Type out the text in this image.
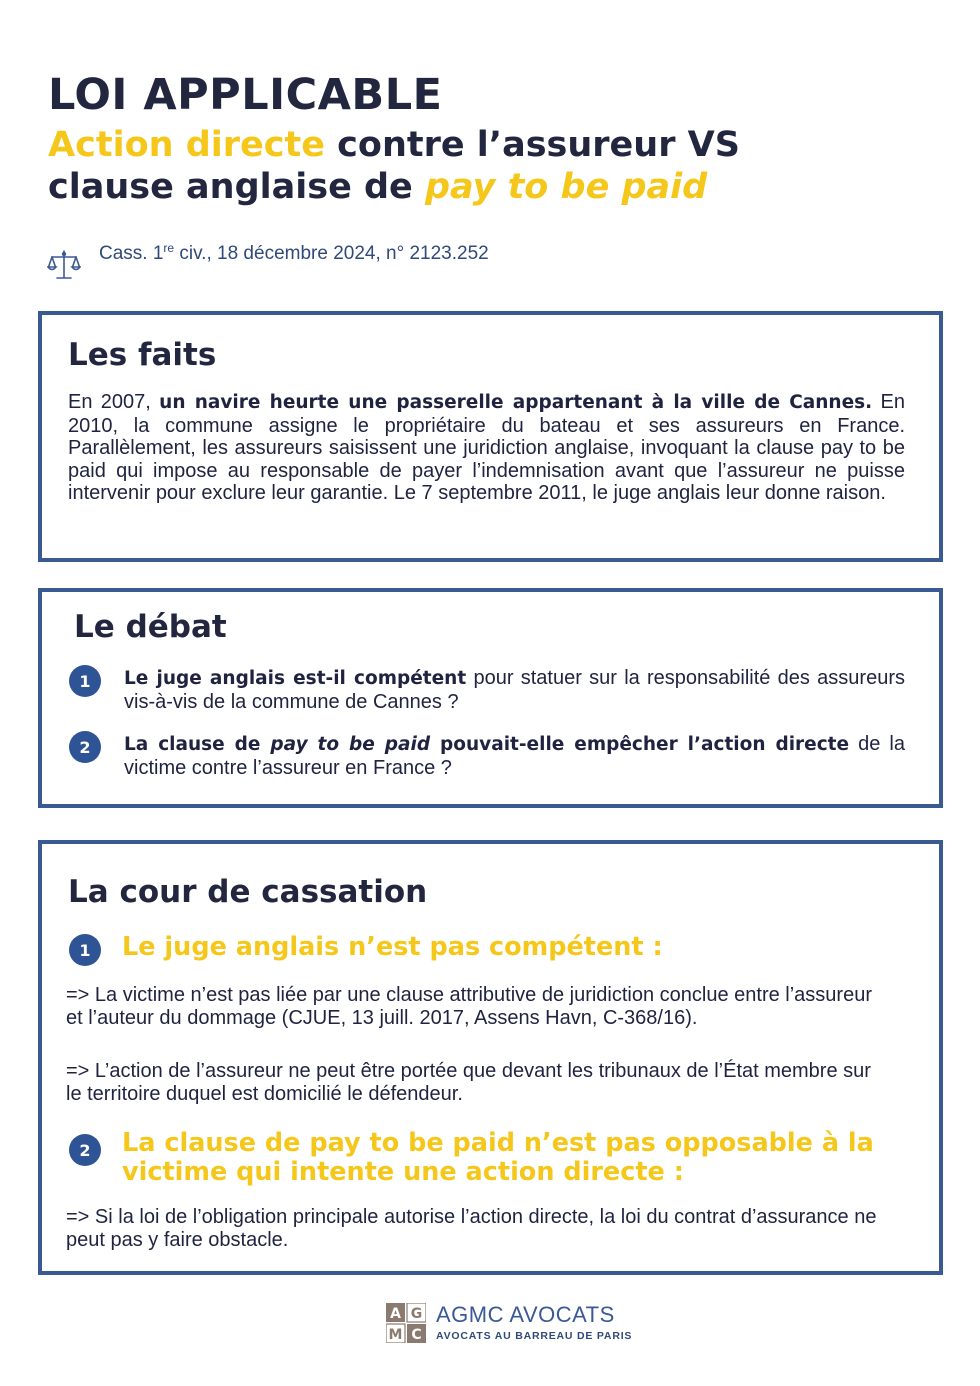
LOI APPLICABLE
Action directe contre l’assureur VS
clause anglaise de pay to be paid
Cass. 1re civ., 18 décembre 2024, n° 2123.252
Les faits

En 2007, un navire heurte une passerelle appartenant à la ville de Cannes. En 2010, la commune assigne le propriétaire du bateau et ses assureurs en France. Parallèlement, les assureurs saisissent une juridiction anglaise, invoquant la clause pay to be paid qui impose au responsable de payer l’indemnisation avant que l’assureur ne puisse intervenir pour exclure leur garantie. Le 7 septembre 2011, le juge anglais leur donne raison.

Le débat
1	Le juge anglais est-il compétent pour statuer sur la responsabilité des assureurs vis-à-vis de la commune de Cannes ?

2	La clause de pay to be paid pouvait-elle empêcher l’action directe de la victime contre l’assureur en France ?

La cour de cassation
1	Le juge anglais n’est pas compétent :

=> La victime n’est pas liée par une clause attributive de juridiction conclue entre l’assureur et l’auteur du dommage (CJUE, 13 juill. 2017, Assens Havn, C-368/16).

=> L’action de l’assureur ne peut être portée que devant les tribunaux de l’État membre sur le territoire duquel est domicilié le défendeur.

2	La clause de pay to be paid n’est pas opposable à la victime qui intente une action directe :

=> Si la loi de l’obligation principale autorise l’action directe, la loi du contrat d’assurance ne peut pas y faire obstacle.

A G
M C
AGMC AVOCATS
AVOCATS AU BARREAU DE PARIS
